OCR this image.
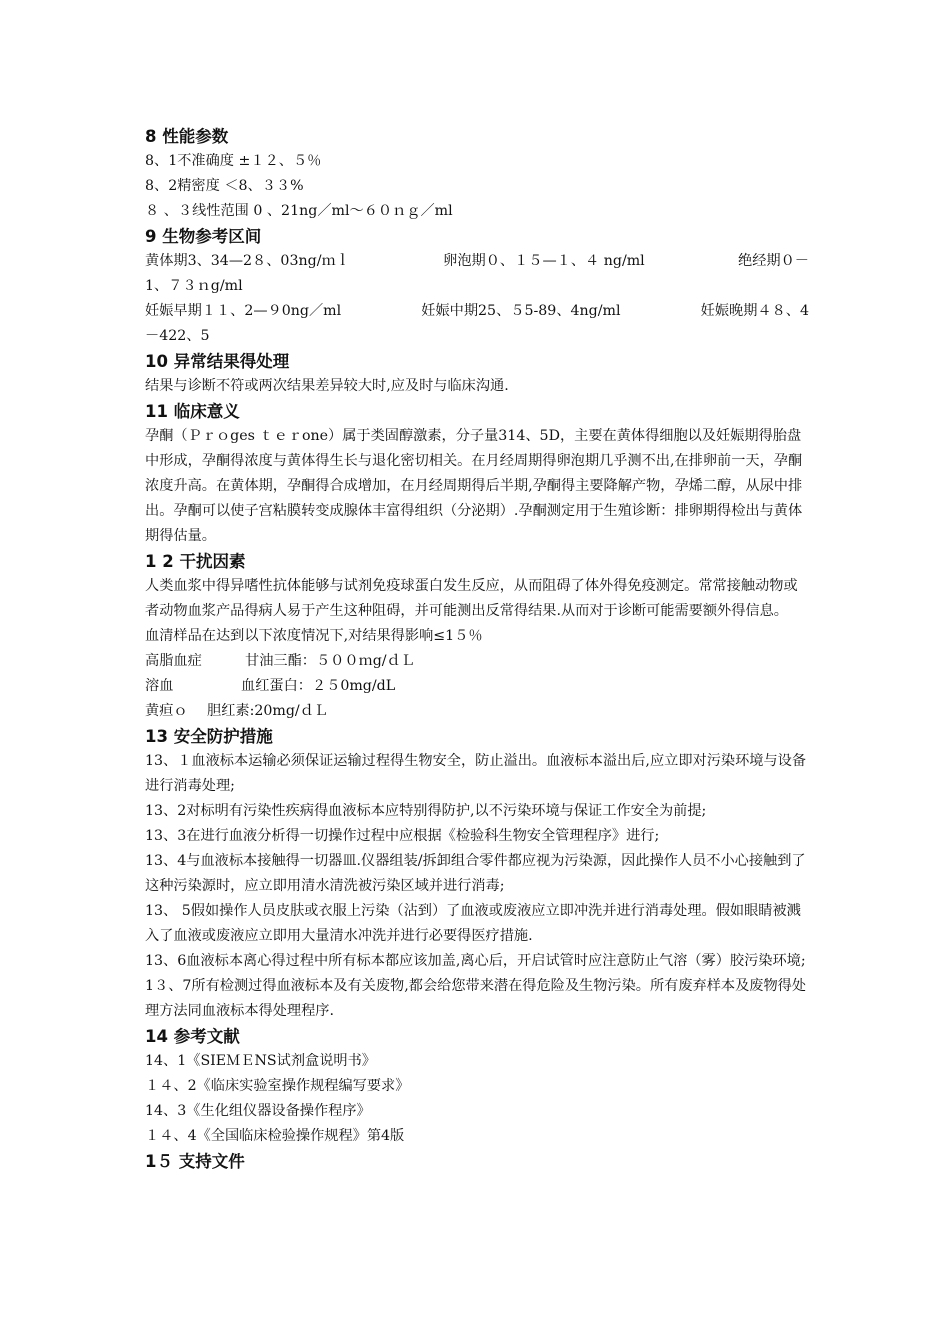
8 性能参数
8、1不准确度 ±１２、５％
8、2精密度 ＜8、３３%
８ 、３线性范围 0 、21ng／ml～６０ｎｇ／ml
9 生物参考区间
黄体期3、34—2８、03ng/ｍｌ	卵泡期０、１５—１、４ ng/ml	绝经期０－
1、７３ｎg/ml
妊娠早期１１、2—９0ng／ml	妊娠中期25、５5-89、4ng/ml	妊娠晚期４８、4
－422、5
10 异常结果得处理
结果与诊断不符或两次结果差异较大时,应及时与临床沟通.
11 临床意义
孕酮（Ｐｒｏges ｔｅｒone）属于类固醇激素，分子量314、5D，主要在黄体得细胞以及妊娠期得胎盘中形成，孕酮得浓度与黄体得生长与退化密切相关。在月经周期得卵泡期几乎测不出,在排卵前一天，孕酮浓度升高。在黄体期，孕酮得合成增加，在月经周期得后半期,孕酮得主要降解产物，孕烯二醇，从尿中排出。孕酮可以使子宫粘膜转变成腺体丰富得组织（分泌期）.孕酮测定用于生殖诊断：排卵期得检出与黄体期得估量。
1 2 干扰因素
人类血浆中得异嗜性抗体能够与试剂免疫球蛋白发生反应，从而阻碍了体外得免疫测定。常常接触动物或者动物血浆产品得病人易于产生这种阻碍，并可能测出反常得结果.从而对于诊断可能需要额外得信息。
血清样品在达到以下浓度情况下,对结果得影响≤1５％
高脂血症	甘油三酯：５００ｍg/ｄＬ
溶血	血红蛋白：２５0mg/dL
黄疸ｏ	胆红素:20mg/ｄＬ
13 安全防护措施
13、１血液标本运输必须保证运输过程得生物安全，防止溢出。血液标本溢出后,应立即对污染环境与设备进行消毒处理;
13、2对标明有污染性疾病得血液标本应特别得防护,以不污染环境与保证工作安全为前提;
13、3在进行血液分析得一切操作过程中应根据《检验科生物安全管理程序》进行;
13、4与血液标本接触得一切器皿.仪器组装/拆卸组合零件都应视为污染源，因此操作人员不小心接触到了这种污染源时，应立即用清水清洗被污染区域并进行消毒;
13、 5假如操作人员皮肤或衣服上污染（沾到）了血液或废液应立即冲洗并进行消毒处理。假如眼睛被溅入了血液或废液应立即用大量清水冲洗并进行必要得医疗措施.
13、6血液标本离心得过程中所有标本都应该加盖,离心后，开启试管时应注意防止气溶（雾）胶污染环境;
1３、7所有检测过得血液标本及有关废物,都会给您带来潜在得危险及生物污染。所有废弃样本及废物得处理方法同血液标本得处理程序.
14 参考文献
14、1《SIEＭＥNS试剂盒说明书》
１４、2《临床实验室操作规程编写要求》
14、3《生化组仪器设备操作程序》
１４、4《全国临床检验操作规程》第4版
1５ 支持文件
